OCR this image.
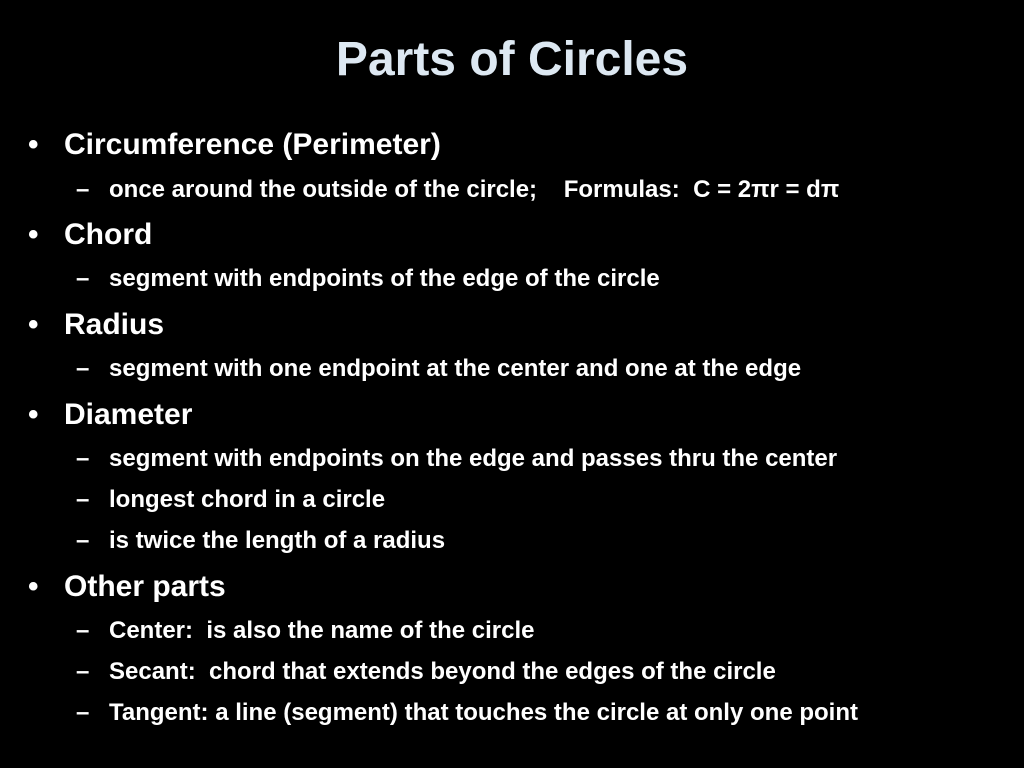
Parts of Circles
• Circumference (Perimeter)
– once around the outside of the circle;    Formulas:  C = 2πr = dπ
• Chord
– segment with endpoints of the edge of the circle
• Radius
– segment with one endpoint at the center and one at the edge
• Diameter
– segment with endpoints on the edge and passes thru the center
– longest chord in a circle
– is twice the length of a radius
• Other parts
– Center:  is also the name of the circle
– Secant:  chord that extends beyond the edges of the circle
– Tangent: a line (segment) that touches the circle at only one point
